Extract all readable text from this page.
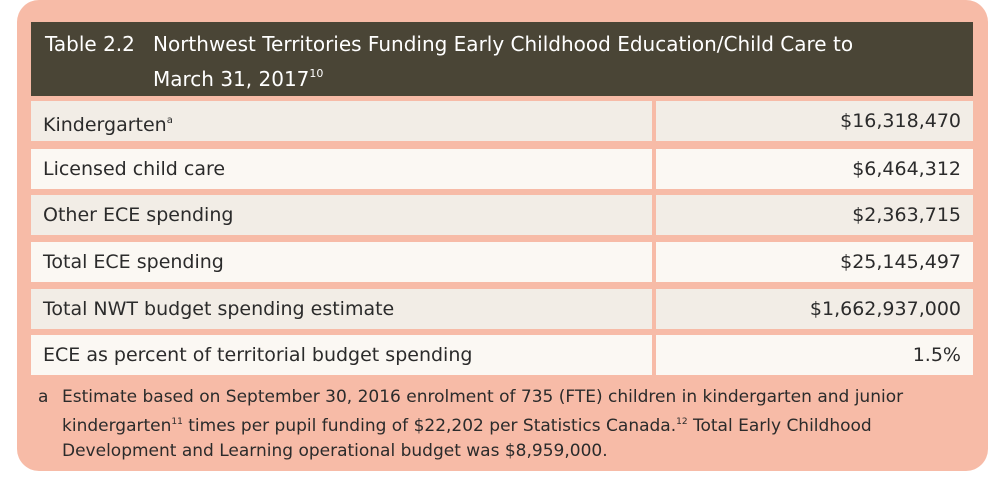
Table 2.2 Northwest Territories Funding Early Childhood Education/Child Care to
March 31, 2017$^{10}$
Kindergarten$^a$	$16,318,470
Licensed child care	$6,464,312
Other ECE spending	$2,363,715
Total ECE spending	$25,145,497
Total NWT budget spending estimate	$1,662,937,000
ECE as percent of territorial budget spending	1.5%
a Estimate based on September 30, 2016 enrolment of 735 (FTE) children in kindergarten and junior kindergarten$^{11}$ times per pupil funding of $22,202 per Statistics Canada.$^{12}$ Total Early Childhood Development and Learning operational budget was $8,959,000.
